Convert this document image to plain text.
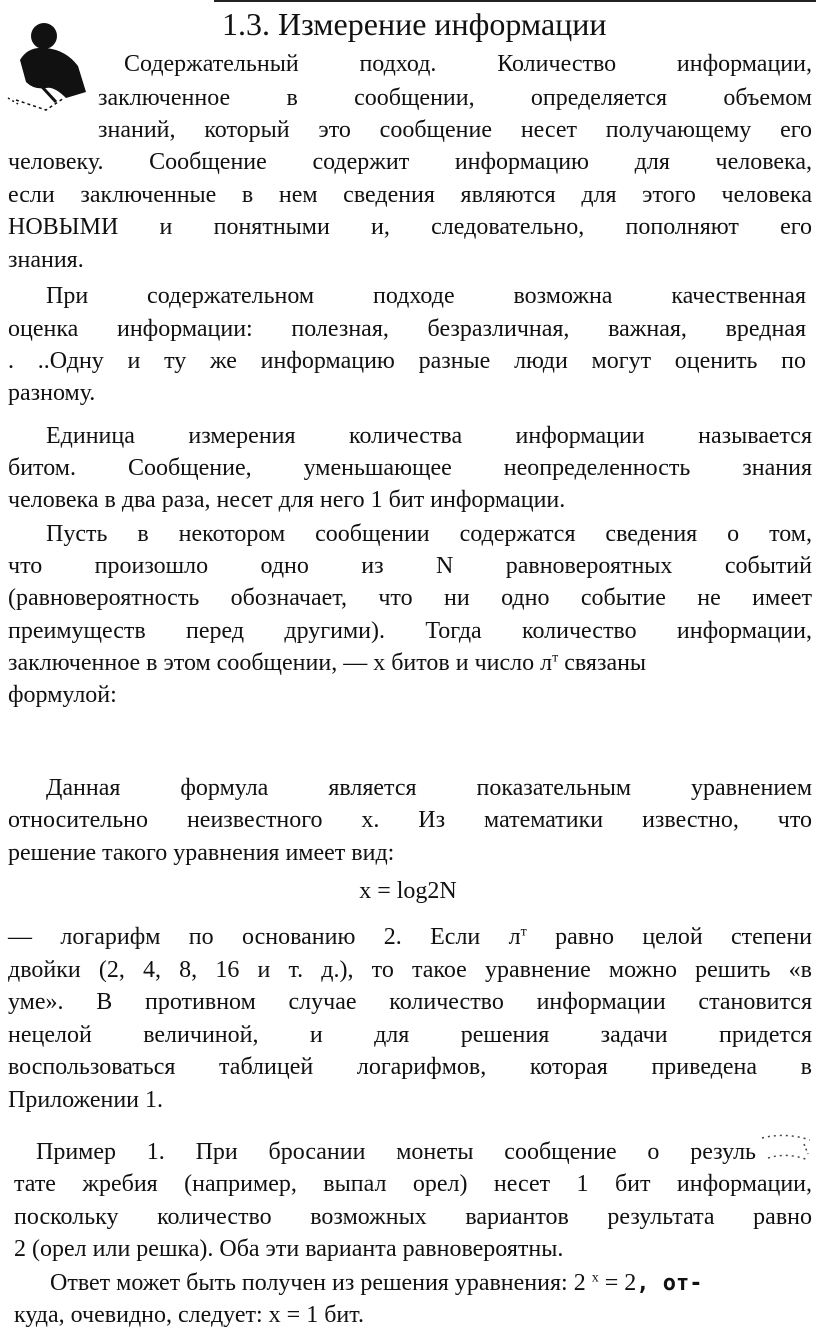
1.3. Измерение информации
Содержательный подход. Количество информации,
заключенное в сообщении, определяется объемом
знаний, который это сообщение несет получающему его
человеку. Сообщение содержит информацию для человека,
если заключенные в нем сведения являются для этого человека
НОВЫМИ и понятными и, следовательно, пополняют его
знания.
При содержательном подходе возможна качественная
оценка информации: полезная, безразличная, важная, вредная
. ..Одну и ту же информацию разные люди могут оценить по
разному.
Единица измерения количества информации называется
битом. Сообщение, уменьшающее неопределенность знания
человека в два раза, несет для него 1 бит информации.
Пусть в некотором сообщении содержатся сведения о том,
что произошло одно из N равновероятных событий
(равновероятность обозначает, что ни одно событие не имеет
преимуществ перед другими). Тогда количество информации,
заключенное в этом сообщении, — х битов и число $л^т$ связаны
формулой:
Данная формула является показательным уравнением
относительно неизвестного х. Из математики известно, что
решение такого уравнения имеет вид:
x = log2N
— логарифм по основанию 2. Если $л^т$ равно целой степени
двойки (2, 4, 8, 16 и т. д.), то такое уравнение можно решить «в
уме». В противном случае количество информации становится
нецелой величиной, и для решения задачи придется
воспользоваться таблицей логарифмов, которая приведена в
Приложении 1.
Пример 1. При бросании монеты сообщение о резуль
тате жребия (например, выпал орел) несет 1 бит информации,
поскольку количество возможных вариантов результата равно
2 (орел или решка). Оба эти варианта равновероятны.
Ответ может быть получен из решения уравнения: 2 $^х$ = 2, от-
куда, очевидно, следует: х = 1 бит.
